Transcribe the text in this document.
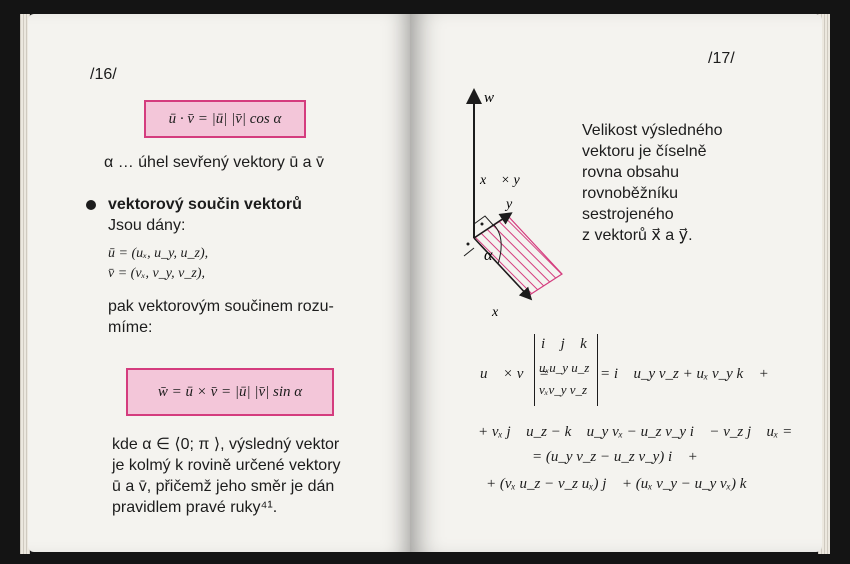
/16/

ū · v̄ = |ū| |v̄| cos α

α … úhel sevřený vektory ū a v̄

vektorový součin vektorů

Jsou dány:

ū = (uₓ, u_y, u_z),

v̄ = (vₓ, v_y, v_z),

pak vektorovým součinem rozu-

míme:

w̄ = ū × v̄ = |ū| |v̄| sin α

kde α ∈ ⟨0; π ⟩, výsledný vektor

je kolmý k rovině určené vektory

ū a v̄, přičemž jeho směr je dán

pravidlem pravé ruky⁴¹.

/17/

w⃗
x⃗ × y⃗
y⃗
α
x⃗

Velikost výsledného

vektoru je číselně

rovna obsahu

rovnoběžníku

sestrojeného

z vektorů x⃗ a y⃗.

u⃗ × v⃗ =

i⃗ j⃗ k⃗

uₓu_y u_z

vₓv_y v_z

= i⃗ u_y v_z + uₓ v_y k⃗ +

+ vₓ j⃗ u_z − k⃗ u_y vₓ − u_z v_y i⃗ − v_z j⃗ uₓ =

= (u_y v_z − u_z v_y) i⃗ +

+ (vₓ u_z − v_z uₓ) j⃗ + (uₓ v_y − u_y vₓ) k⃗
